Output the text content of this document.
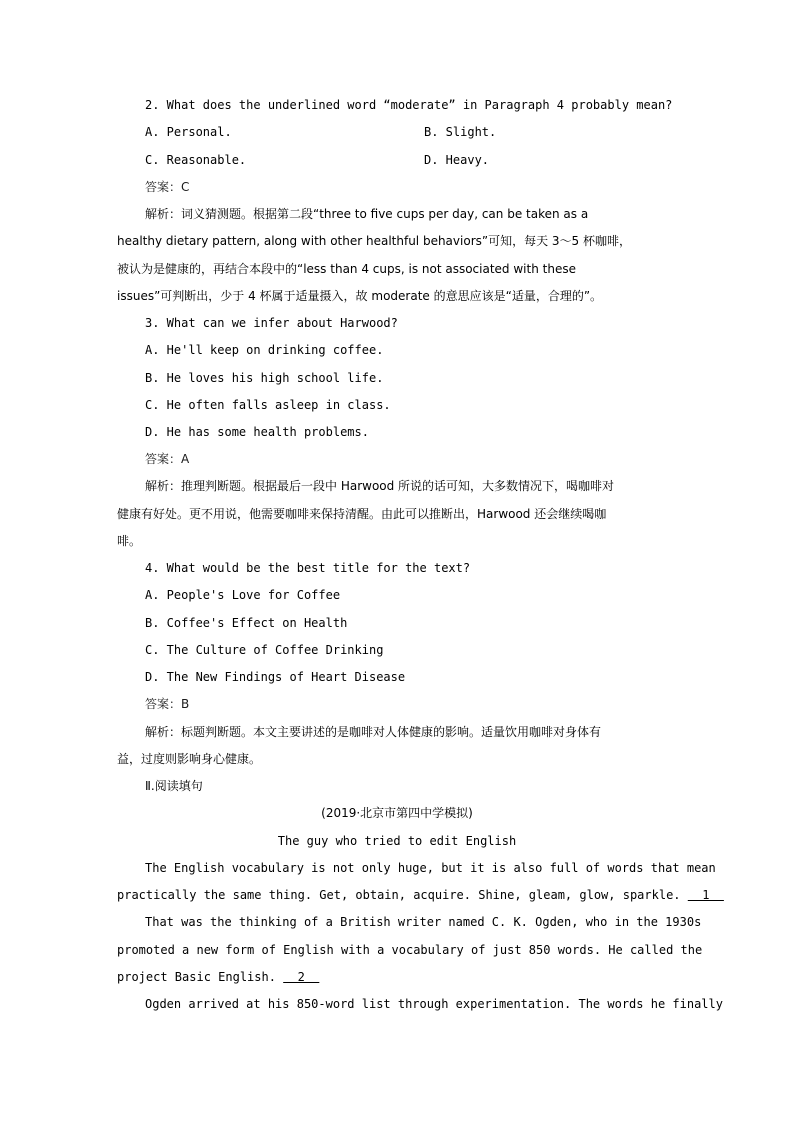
2. What does the underlined word “moderate” in Paragraph 4 probably mean?
A. Personal.	B. Slight.
C. Reasonable.	D. Heavy.
答案：C
解析：词义猜测题。根据第二段“three to five cups per day, can be taken as a
healthy dietary pattern, along with other healthful behaviors”可知，每天 3～5 杯咖啡，
被认为是健康的，再结合本段中的“less than 4 cups, is not associated with these
issues”可判断出，少于 4 杯属于适量摄入，故 moderate 的意思应该是“适量，合理的”。
3. What can we infer about Harwood?
A. He'll keep on drinking coffee.
B. He loves his high school life.
C. He often falls asleep in class.
D. He has some health problems.
答案：A
解析：推理判断题。根据最后一段中 Harwood 所说的话可知，大多数情况下，喝咖啡对
健康有好处。更不用说，他需要咖啡来保持清醒。由此可以推断出，Harwood 还会继续喝咖
啡。
4. What would be the best title for the text?
A. People's Love for Coffee
B. Coffee's Effect on Health
C. The Culture of Coffee Drinking
D. The New Findings of Heart Disease
答案：B
解析：标题判断题。本文主要讲述的是咖啡对人体健康的影响。适量饮用咖啡对身体有
益，过度则影响身心健康。
Ⅱ.阅读填句
(2019·北京市第四中学模拟)
The guy who tried to edit English
The English vocabulary is not only huge, but it is also full of words that mean
practically the same thing. Get, obtain, acquire. Shine, gleam, glow, sparkle.   1
That was the thinking of a British writer named C. K. Ogden, who in the 1930s
promoted a new form of English with a vocabulary of just 850 words. He called the
project Basic English.   2
Ogden arrived at his 850-word list through experimentation. The words he finally
